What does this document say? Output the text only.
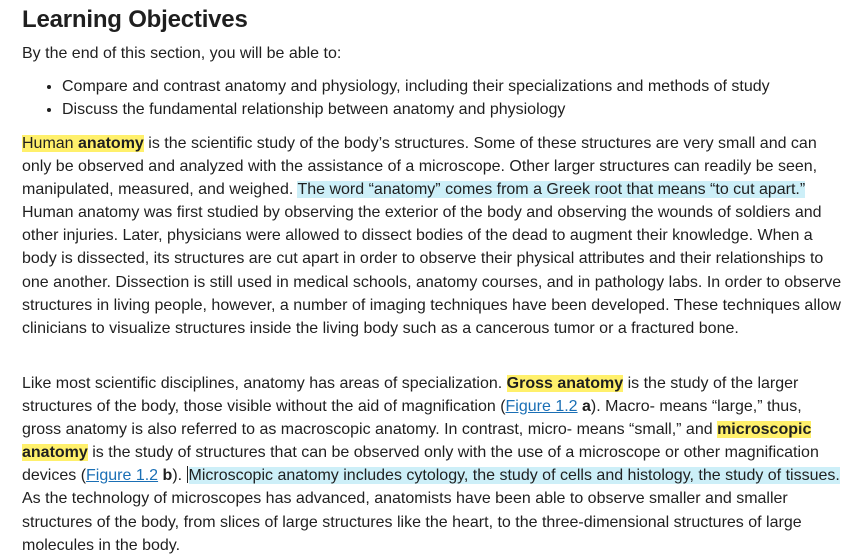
Learning Objectives

By the end of this section, you will be able to:

• Compare and contrast anatomy and physiology, including their specializations and methods of study
• Discuss the fundamental relationship between anatomy and physiology

Human anatomy is the scientific study of the body’s structures. Some of these structures are very small and can only be observed and analyzed with the assistance of a microscope. Other larger structures can readily be seen, manipulated, measured, and weighed. The word “anatomy” comes from a Greek root that means “to cut apart.” Human anatomy was first studied by observing the exterior of the body and observing the wounds of soldiers and other injuries. Later, physicians were allowed to dissect bodies of the dead to augment their knowledge. When a body is dissected, its structures are cut apart in order to observe their physical attributes and their relationships to one another. Dissection is still used in medical schools, anatomy courses, and in pathology labs. In order to observe structures in living people, however, a number of imaging techniques have been developed. These techniques allow clinicians to visualize structures inside the living body such as a cancerous tumor or a fractured bone.

Like most scientific disciplines, anatomy has areas of specialization. Gross anatomy is the study of the larger structures of the body, those visible without the aid of magnification (Figure 1.2 a). Macro- means “large,” thus, gross anatomy is also referred to as macroscopic anatomy. In contrast, micro- means “small,” and microscopic anatomy is the study of structures that can be observed only with the use of a microscope or other magnification devices (Figure 1.2 b). Microscopic anatomy includes cytology, the study of cells and histology, the study of tissues. As the technology of microscopes has advanced, anatomists have been able to observe smaller and smaller structures of the body, from slices of large structures like the heart, to the three-dimensional structures of large molecules in the body.
